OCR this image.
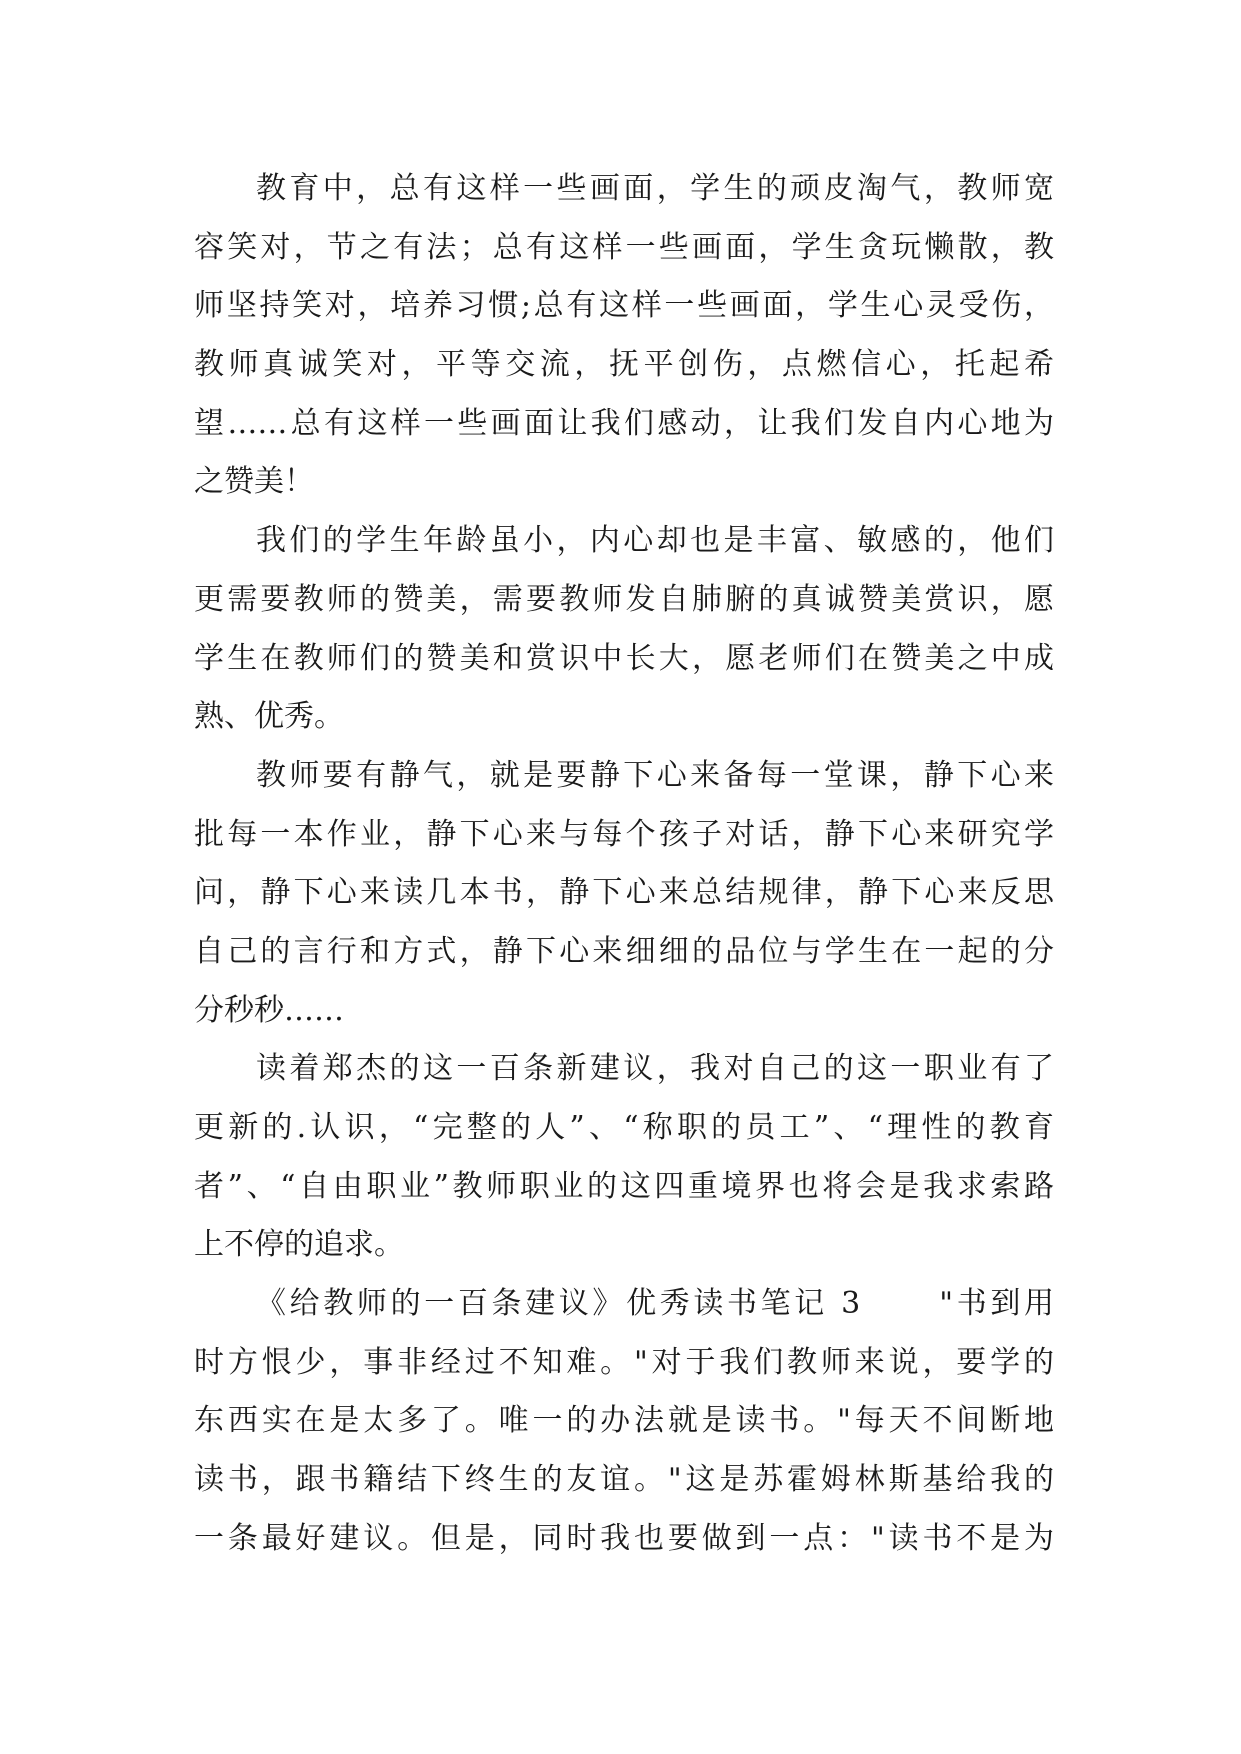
教育中，总有这样一些画面，学生的顽皮淘气，教师宽
容笑对，节之有法；总有这样一些画面，学生贪玩懒散，教
师坚持笑对，培养习惯;总有这样一些画面，学生心灵受伤，
教师真诚笑对，平等交流，抚平创伤，点燃信心，托起希
望……总有这样一些画面让我们感动，让我们发自内心地为
之赞美！
我们的学生年龄虽小，内心却也是丰富、敏感的，他们
更需要教师的赞美，需要教师发自肺腑的真诚赞美赏识，愿
学生在教师们的赞美和赏识中长大，愿老师们在赞美之中成
熟、优秀。
教师要有静气，就是要静下心来备每一堂课，静下心来
批每一本作业，静下心来与每个孩子对话，静下心来研究学
问，静下心来读几本书，静下心来总结规律，静下心来反思
自己的言行和方式，静下心来细细的品位与学生在一起的分
分秒秒……
读着郑杰的这一百条新建议，我对自己的这一职业有了
更新的.认识，“完整的人”、“称职的员工”、“理性的教育
者”、“自由职业”教师职业的这四重境界也将会是我求索路
上不停的追求。
《给教师的一百条建议》优秀读书笔记 3      "书到用
时方恨少，事非经过不知难。"对于我们教师来说，要学的
东西实在是太多了。唯一的办法就是读书。"每天不间断地
读书，跟书籍结下终生的友谊。"这是苏霍姆林斯基给我的
一条最好建议。但是，同时我也要做到一点："读书不是为
